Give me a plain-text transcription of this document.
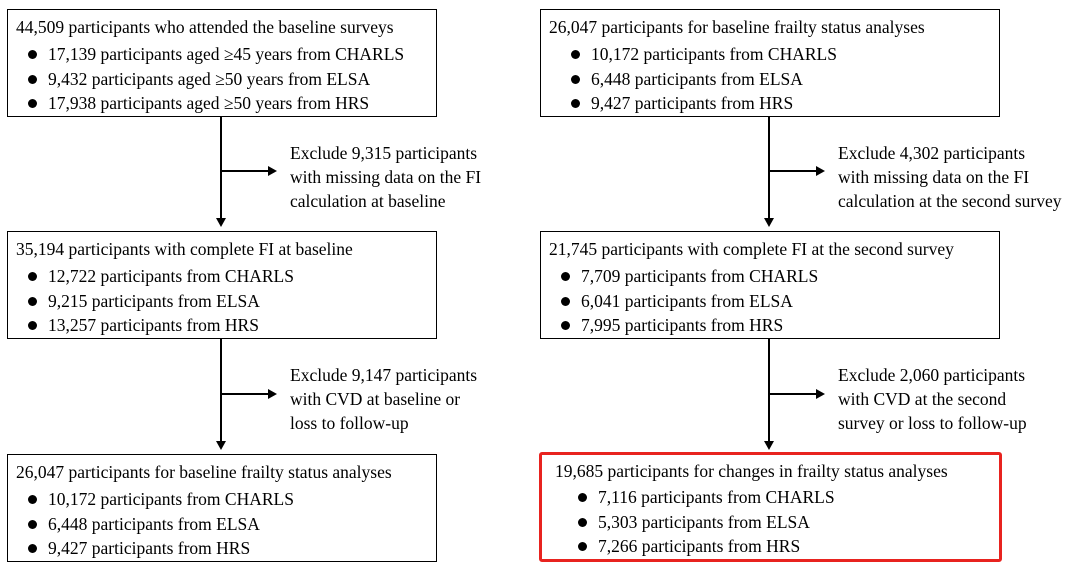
44,509 participants who attended the baseline surveys
17,139 participants aged ≥45 years from CHARLS
9,432 participants aged ≥50 years from ELSA
17,938 participants aged ≥50 years from HRS
Exclude 9,315 participants
with missing data on the FI
calculation at baseline
35,194 participants with complete FI at baseline
12,722 participants from CHARLS
9,215 participants from ELSA
13,257 participants from HRS
Exclude 9,147 participants
with CVD at baseline or
loss to follow-up
26,047 participants for baseline frailty status analyses
10,172 participants from CHARLS
6,448 participants from ELSA
9,427 participants from HRS
26,047 participants for baseline frailty status analyses
10,172 participants from CHARLS
6,448 participants from ELSA
9,427 participants from HRS
Exclude 4,302 participants
with missing data on the FI
calculation at the second survey
21,745 participants with complete FI at the second survey
7,709 participants from CHARLS
6,041 participants from ELSA
7,995 participants from HRS
Exclude 2,060 participants
with CVD at the second
survey or loss to follow-up
19,685 participants for changes in frailty status analyses
7,116 participants from CHARLS
5,303 participants from ELSA
7,266 participants from HRS
